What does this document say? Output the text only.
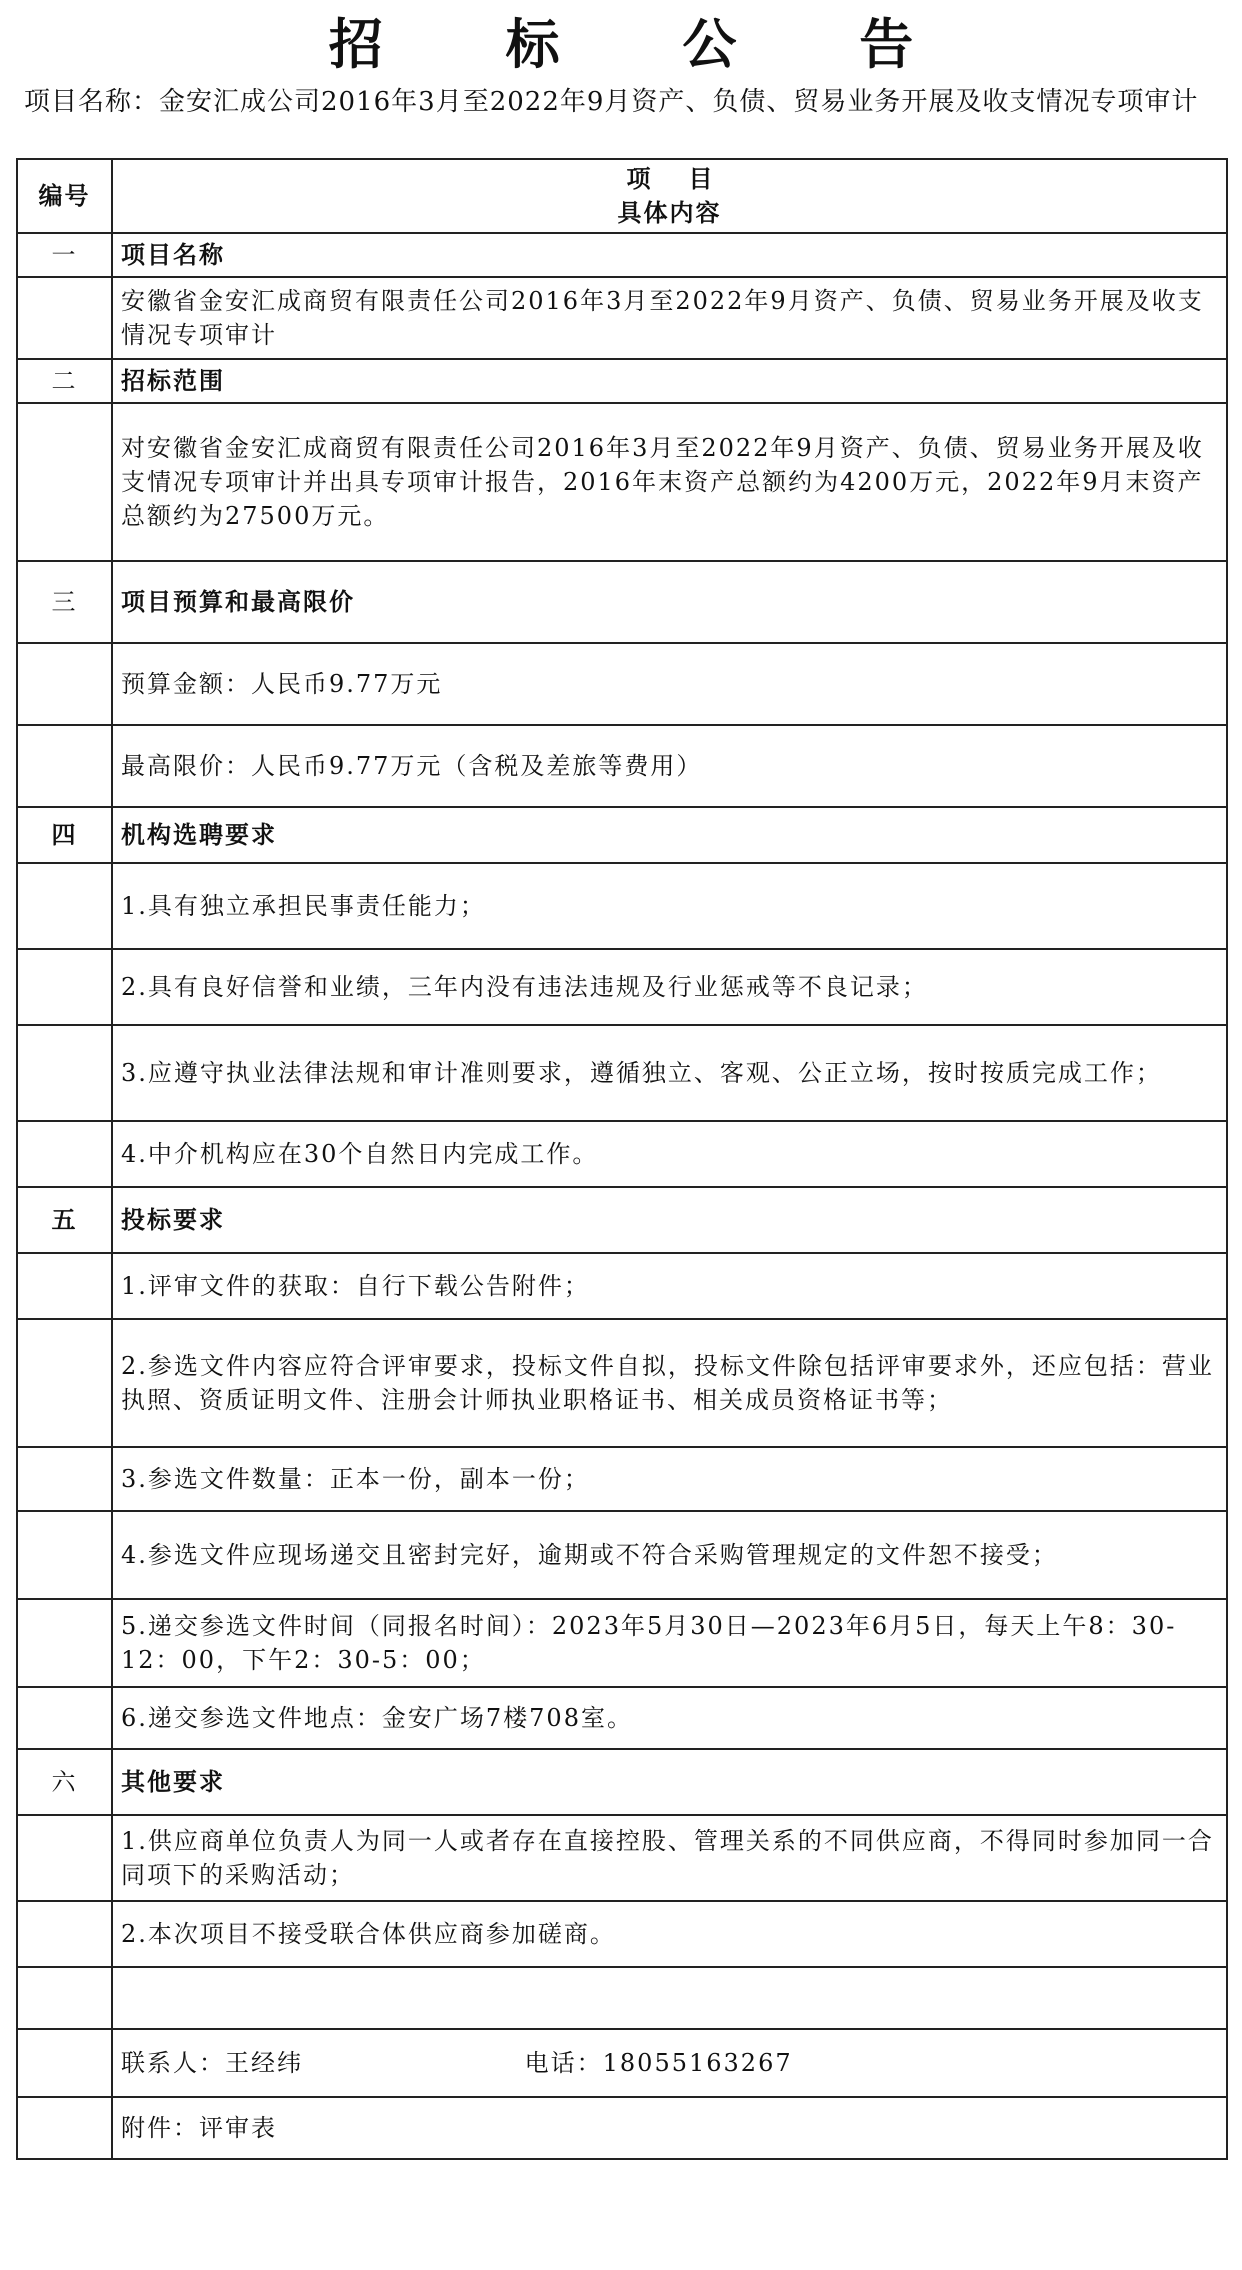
招 标 公 告
项目名称：金安汇成公司2016年3月至2022年9月资产、负债、贸易业务开展及收支情况专项审计
编号	项目
具体内容

一	项目名称
	安徽省金安汇成商贸有限责任公司2016年3月至2022年9月资产、负债、贸易业务开展及收支情况专项审计
二	招标范围
	对安徽省金安汇成商贸有限责任公司2016年3月至2022年9月资产、负债、贸易业务开展及收支情况专项审计并出具专项审计报告，2016年末资产总额约为4200万元，2022年9月末资产总额约为27500万元。
三	项目预算和最高限价
	预算金额：人民币9.77万元
	最高限价：人民币9.77万元（含税及差旅等费用）
四	机构选聘要求
	1.具有独立承担民事责任能力；
	2.具有良好信誉和业绩，三年内没有违法违规及行业惩戒等不良记录；
	3.应遵守执业法律法规和审计准则要求，遵循独立、客观、公正立场，按时按质完成工作；
	4.中介机构应在30个自然日内完成工作。
五	投标要求
	1.评审文件的获取：自行下载公告附件；
	2.参选文件内容应符合评审要求，投标文件自拟，投标文件除包括评审要求外，还应包括：营业执照、资质证明文件、注册会计师执业职格证书、相关成员资格证书等；
	3.参选文件数量：正本一份，副本一份；
	4.参选文件应现场递交且密封完好，逾期或不符合采购管理规定的文件恕不接受；
	5.递交参选文件时间（同报名时间）：2023年5月30日—2023年6月5日，每天上午8：30-12：00，下午2：30-5：00；
	6.递交参选文件地点：金安广场7楼708室。
六	其他要求
	1.供应商单位负责人为同一人或者存在直接控股、管理关系的不同供应商，不得同时参加同一合同项下的采购活动；
	2.本次项目不接受联合体供应商参加磋商。

	联系人：王经纬 电话：18055163267
	附件：评审表
